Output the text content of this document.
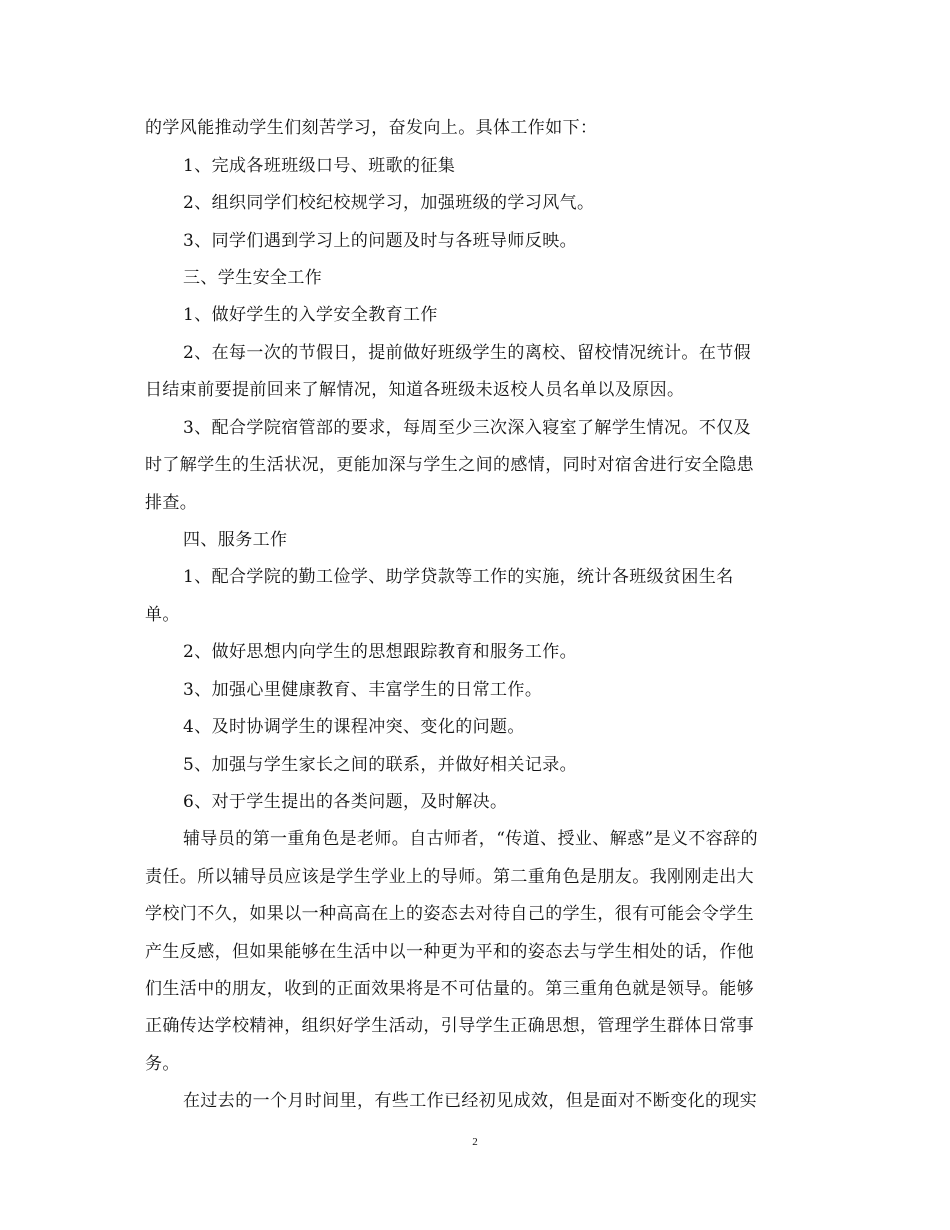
的学风能推动学生们刻苦学习，奋发向上。具体工作如下：
1、完成各班班级口号、班歌的征集
2、组织同学们校纪校规学习，加强班级的学习风气。
3、同学们遇到学习上的问题及时与各班导师反映。
三、学生安全工作
1、做好学生的入学安全教育工作
2、在每一次的节假日，提前做好班级学生的离校、留校情况统计。在节假
日结束前要提前回来了解情况，知道各班级未返校人员名单以及原因。
3、配合学院宿管部的要求，每周至少三次深入寝室了解学生情况。不仅及
时了解学生的生活状况，更能加深与学生之间的感情，同时对宿舍进行安全隐患
排查。
四、服务工作
1、配合学院的勤工俭学、助学贷款等工作的实施，统计各班级贫困生名
单。
2、做好思想内向学生的思想跟踪教育和服务工作。
3、加强心里健康教育、丰富学生的日常工作。
4、及时协调学生的课程冲突、变化的问题。
5、加强与学生家长之间的联系，并做好相关记录。
6、对于学生提出的各类问题，及时解决。
辅导员的第一重角色是老师。自古师者，“传道、授业、解惑”是义不容辞的
责任。所以辅导员应该是学生学业上的导师。第二重角色是朋友。我刚刚走出大
学校门不久，如果以一种高高在上的姿态去对待自己的学生，很有可能会令学生
产生反感，但如果能够在生活中以一种更为平和的姿态去与学生相处的话，作他
们生活中的朋友，收到的正面效果将是不可估量的。第三重角色就是领导。能够
正确传达学校精神，组织好学生活动，引导学生正确思想，管理学生群体日常事
务。
在过去的一个月时间里，有些工作已经初见成效，但是面对不断变化的现实
2
